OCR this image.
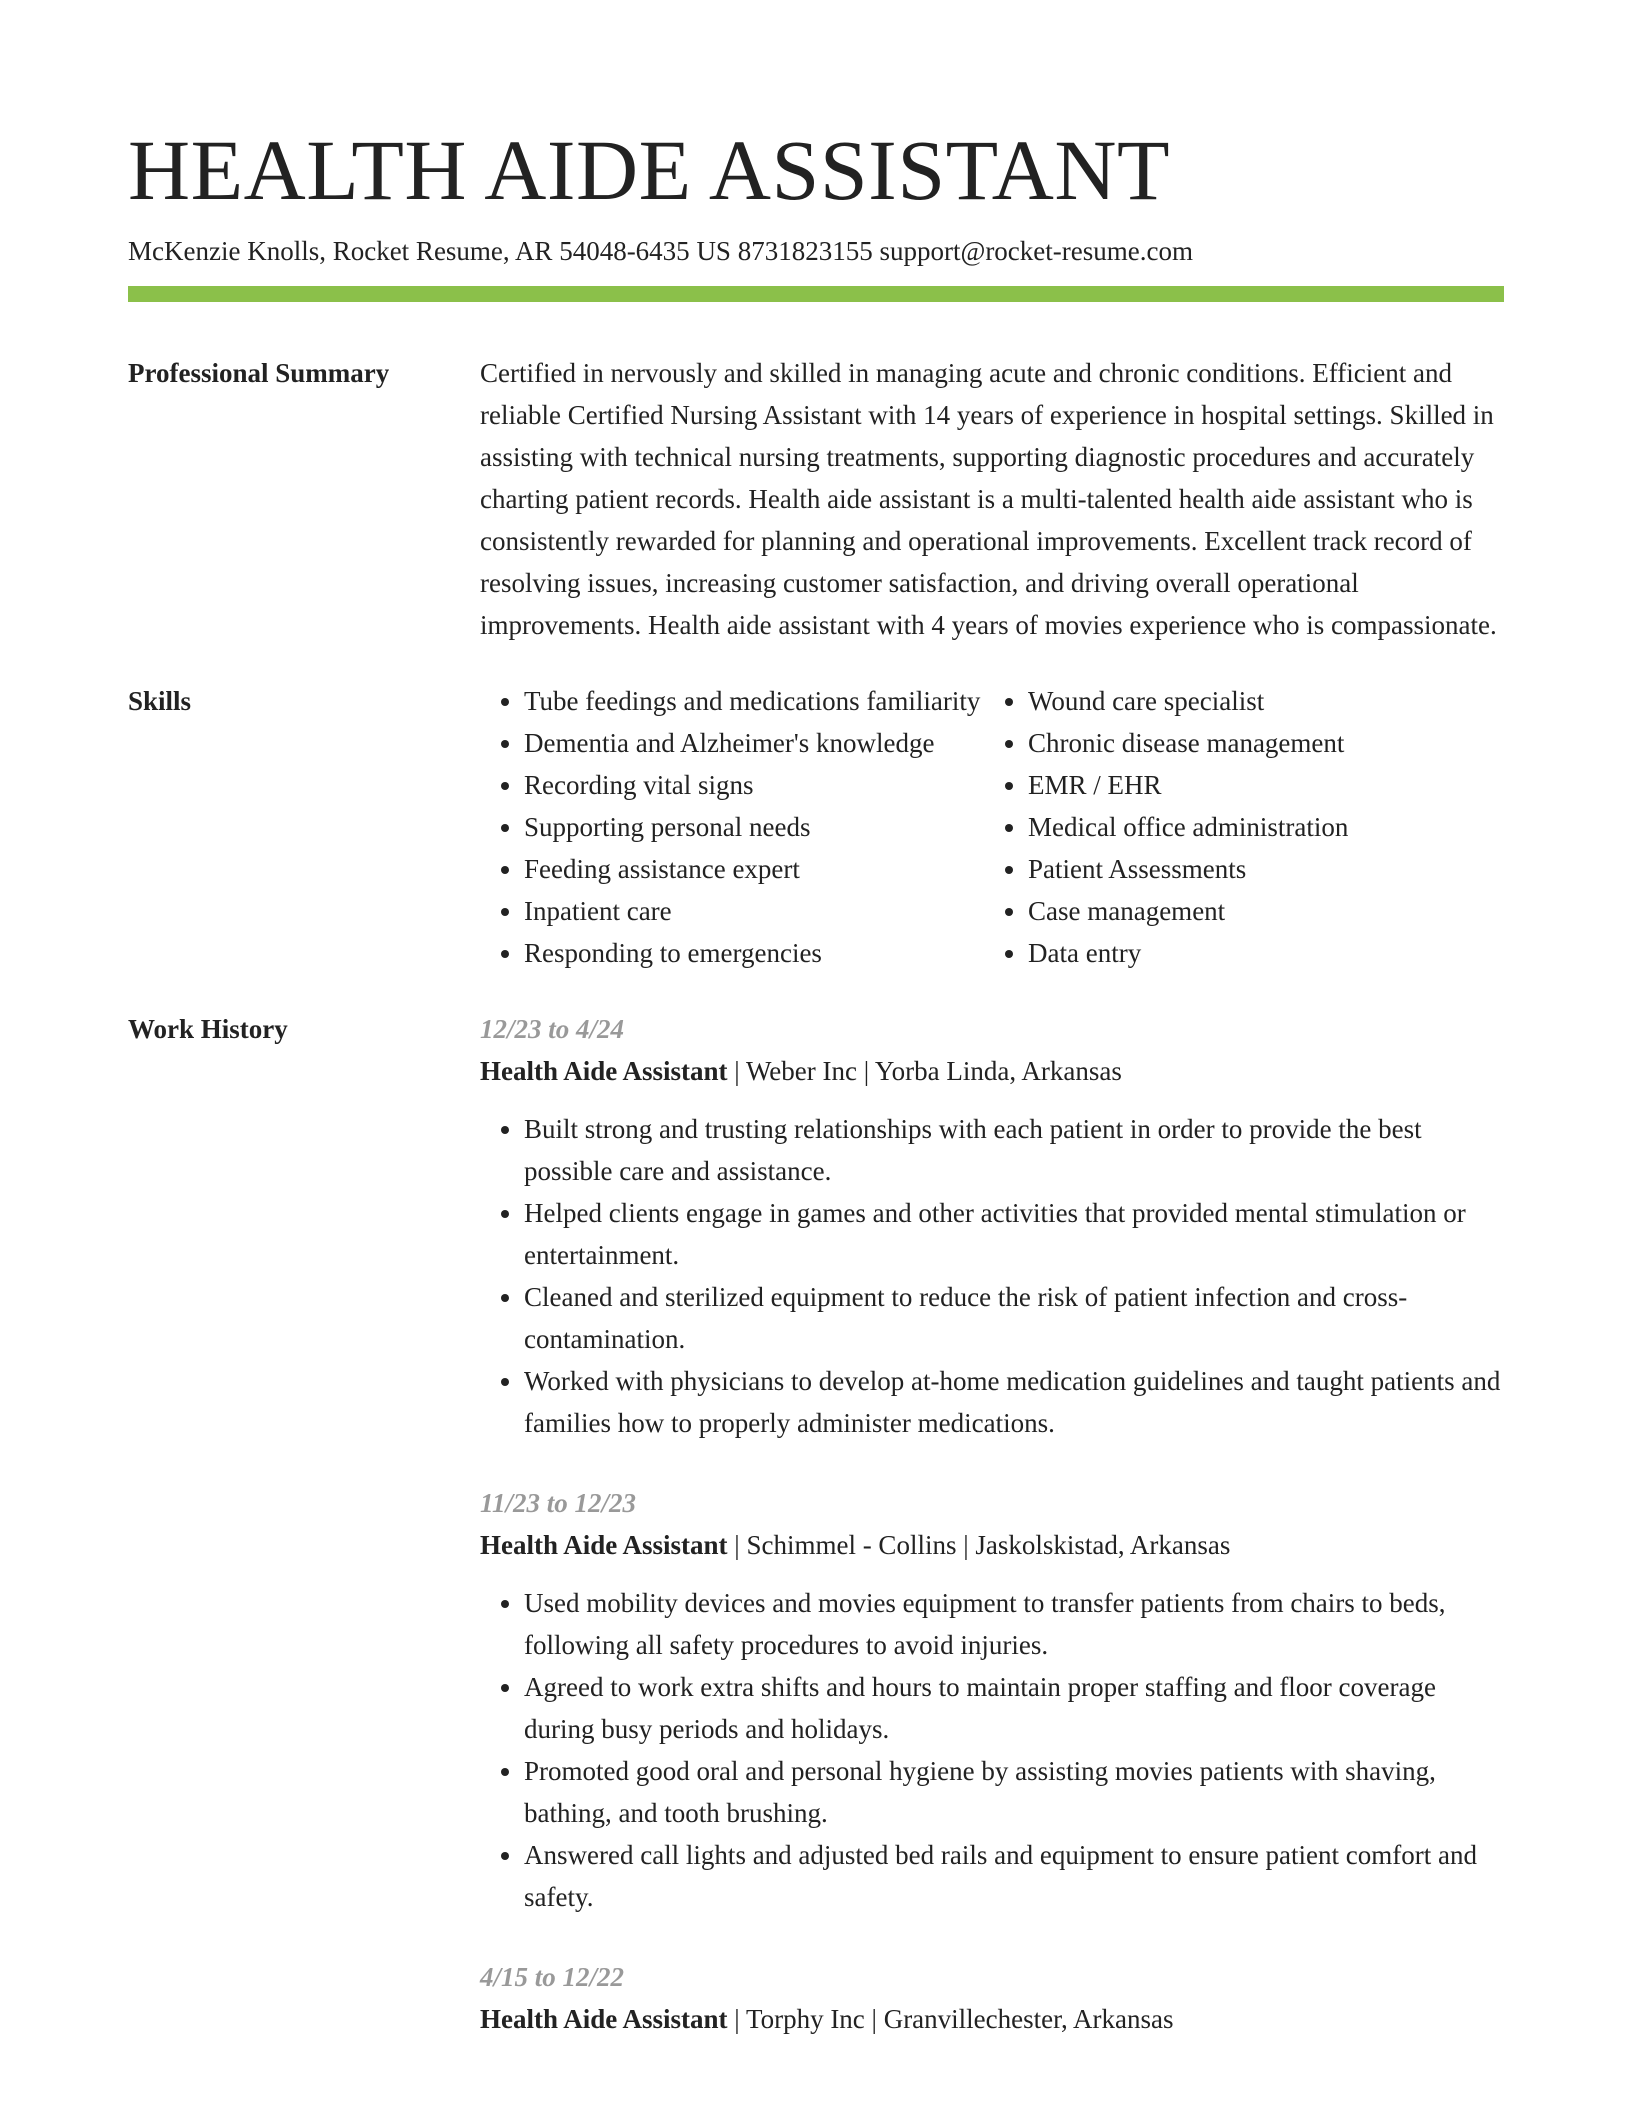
HEALTH AIDE ASSISTANT
McKenzie Knolls, Rocket Resume, AR 54048-6435 US 8731823155 support@rocket-resume.com
Professional Summary	Certified in nervously and skilled in managing acute and chronic conditions. Efficient and reliable Certified Nursing Assistant with 14 years of experience in hospital settings. Skilled in assisting with technical nursing treatments, supporting diagnostic procedures and accurately charting patient records. Health aide assistant is a multi-talented health aide assistant who is consistently rewarded for planning and operational improvements. Excellent track record of resolving issues, increasing customer satisfaction, and driving overall operational improvements. Health aide assistant with 4 years of movies experience who is compassionate.

Skills
•	Tube feedings and medications familiarity
• Dementia and Alzheimer's knowledge
• Recording vital signs
• Supporting personal needs
• Feeding assistance expert
• Inpatient care
• Responding to emergencies
• Wound care specialist
• Chronic disease management
• EMR / EHR
• Medical office administration
• Patient Assessments
• Case management
• Data entry
Work History	12/23 to 4/24
Health Aide Assistant | Weber Inc | Yorba Linda, Arkansas
• Built strong and trusting relationships with each patient in order to provide the best possible care and assistance.
• Helped clients engage in games and other activities that provided mental stimulation or entertainment.
• Cleaned and sterilized equipment to reduce the risk of patient infection and cross-contamination.
• Worked with physicians to develop at-home medication guidelines and taught patients and families how to properly administer medications.
11/23 to 12/23
Health Aide Assistant | Schimmel - Collins | Jaskolskistad, Arkansas
• Used mobility devices and movies equipment to transfer patients from chairs to beds, following all safety procedures to avoid injuries.
• Agreed to work extra shifts and hours to maintain proper staffing and floor coverage during busy periods and holidays.
• Promoted good oral and personal hygiene by assisting movies patients with shaving, bathing, and tooth brushing.
• Answered call lights and adjusted bed rails and equipment to ensure patient comfort and safety.
4/15 to 12/22
Health Aide Assistant | Torphy Inc | Granvillechester, Arkansas
